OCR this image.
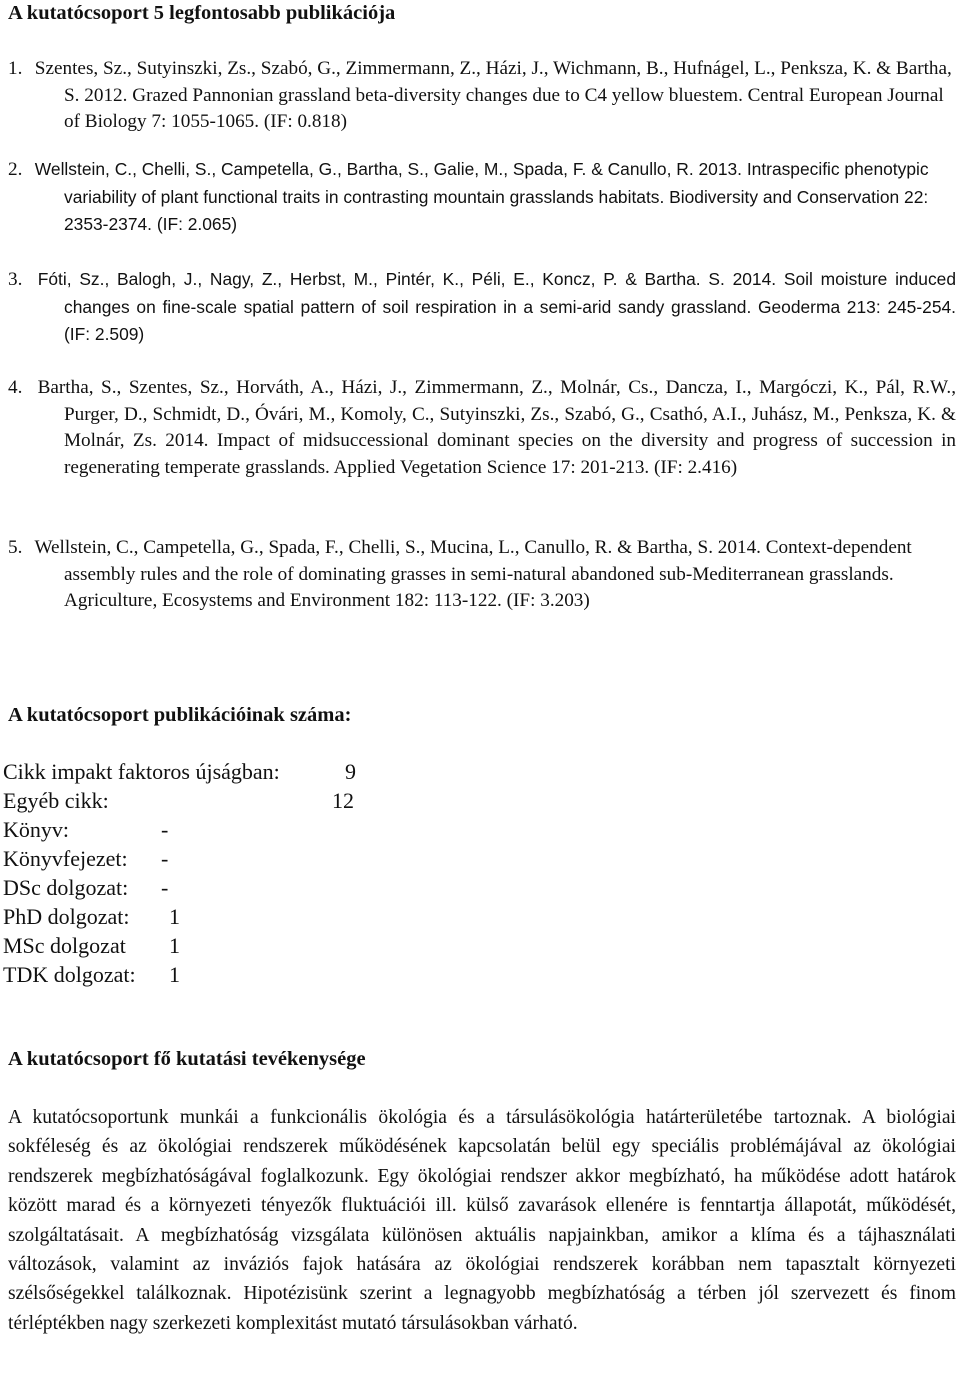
A kutatócsoport 5 legfontosabb publikációja
1. Szentes, Sz., Sutyinszki, Zs., Szabó, G., Zimmermann, Z., Házi, J., Wichmann, B., Hufnágel, L., Penksza, K. & Bartha, S. 2012. Grazed Pannonian grassland beta-diversity changes due to C4 yellow bluestem. Central European Journal of Biology 7: 1055-1065. (IF: 0.818)
2. Wellstein, C., Chelli, S., Campetella, G., Bartha, S., Galie, M., Spada, F. & Canullo, R. 2013. Intraspecific phenotypic variability of plant functional traits in contrasting mountain grasslands habitats. Biodiversity and Conservation 22: 2353-2374. (IF: 2.065)
3. Fóti, Sz., Balogh, J., Nagy, Z., Herbst, M., Pintér, K., Péli, E., Koncz, P. & Bartha. S. 2014. Soil moisture induced changes on fine-scale spatial pattern of soil respiration in a semi-arid sandy grassland. Geoderma 213: 245-254. (IF: 2.509)
4. Bartha, S., Szentes, Sz., Horváth, A., Házi, J., Zimmermann, Z., Molnár, Cs., Dancza, I., Margóczi, K., Pál, R.W., Purger, D., Schmidt, D., Óvári, M., Komoly, C., Sutyinszki, Zs., Szabó, G., Csathó, A.I., Juhász, M., Penksza, K. & Molnár, Zs. 2014. Impact of midsuccessional dominant species on the diversity and progress of succession in regenerating temperate grasslands. Applied Vegetation Science 17: 201-213. (IF: 2.416)
5. Wellstein, C., Campetella, G., Spada, F., Chelli, S., Mucina, L., Canullo, R. & Bartha, S. 2014. Context-dependent assembly rules and the role of dominating grasses in semi-natural abandoned sub-Mediterranean grasslands. Agriculture, Ecosystems and Environment 182: 113-122. (IF: 3.203)
A kutatócsoport publikációinak száma:
Cikk impakt faktoros újságban:	9
Egyéb cikk:	12
Könyv:	-
Könyvfejezet:	-
DSc dolgozat:	-
PhD dolgozat:	1
MSc dolgozat	1
TDK dolgozat:	1
A kutatócsoport fő kutatási tevékenysége

A kutatócsoportunk munkái a funkcionális ökológia és a társulásökológia határterületébe tartoznak. A biológiai sokféleség és az ökológiai rendszerek működésének kapcsolatán belül egy speciális problémájával az ökológiai rendszerek megbízhatóságával foglalkozunk. Egy ökológiai rendszer akkor megbízható, ha működése adott határok között marad és a környezeti tényezők fluktuációi ill. külső zavarások ellenére is fenntartja állapotát, működését, szolgáltatásait. A megbízhatóság vizsgálata különösen aktuális napjainkban, amikor a klíma és a tájhasználati változások, valamint az inváziós fajok hatására az ökológiai rendszerek korábban nem tapasztalt környezeti szélsőségekkel találkoznak. Hipotézisünk szerint a legnagyobb megbízhatóság a térben jól szervezett és finom térléptékben nagy szerkezeti komplexitást mutató társulásokban várható.
